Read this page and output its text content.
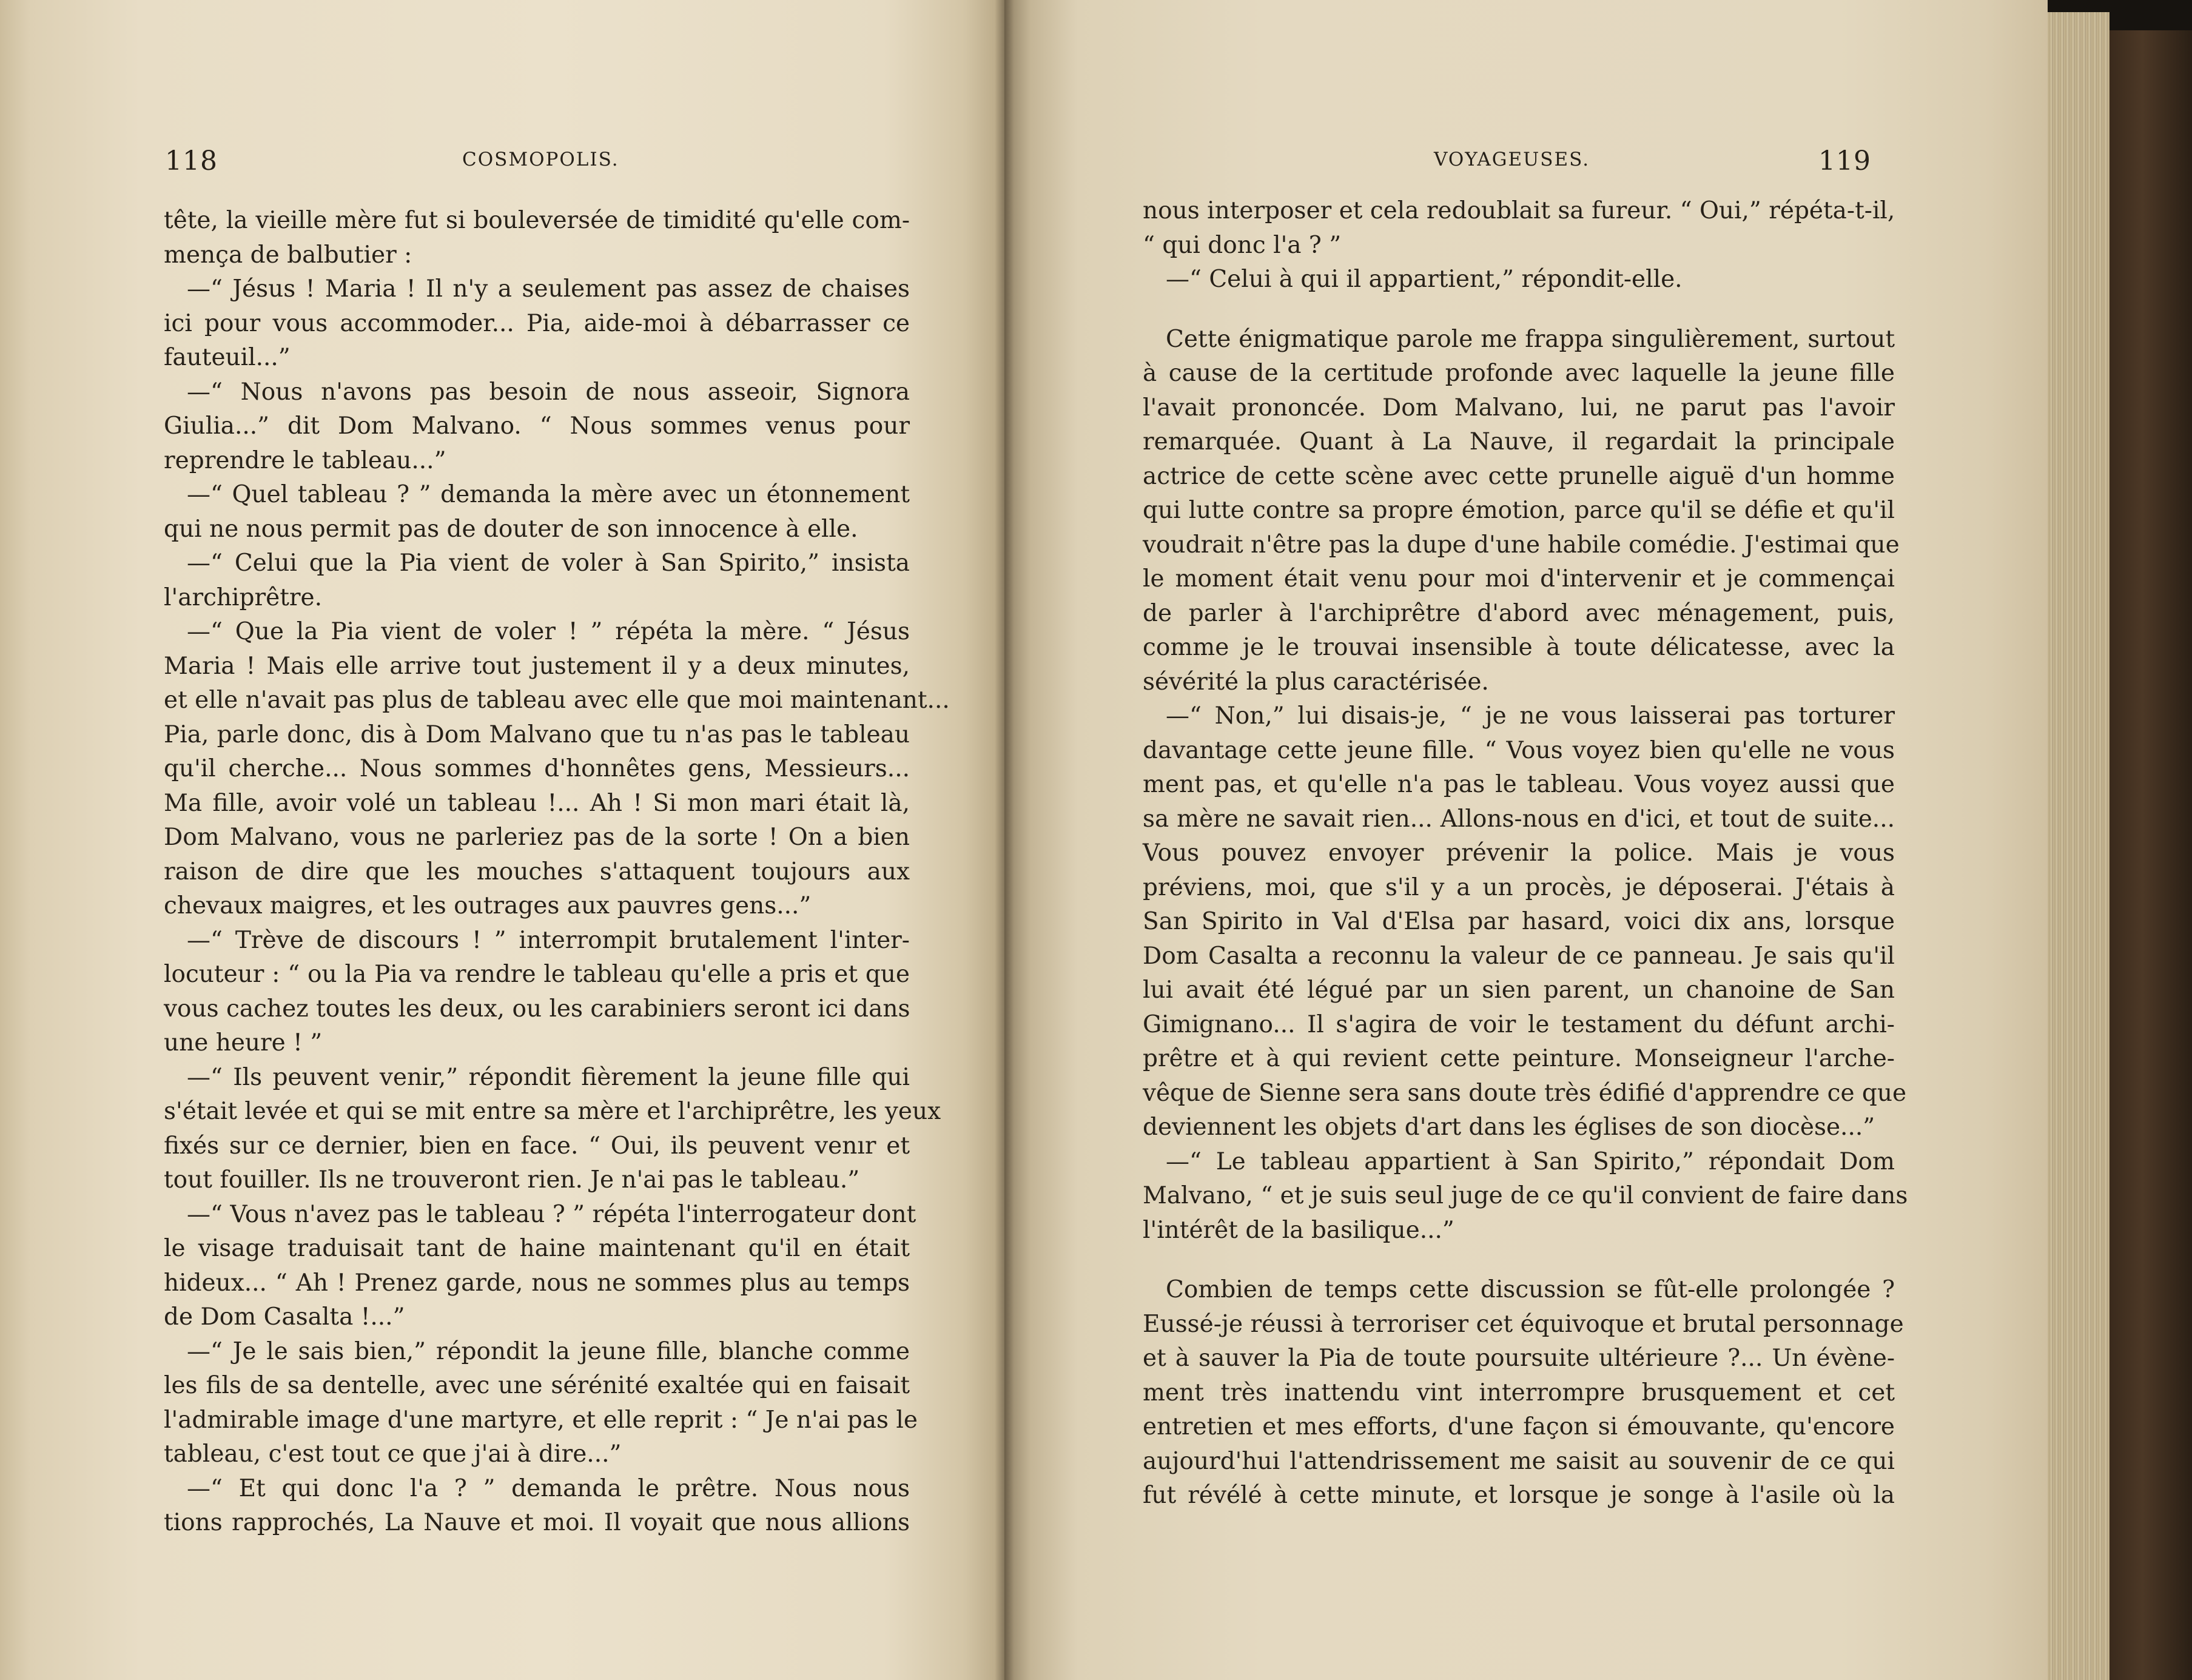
118	COSMOPOLIS.
tête, la vieille mère fut si bouleversée de timidité qu'elle com-
mença de balbutier :
—“ Jésus ! Maria ! Il n'y a seulement pas assez de chaises
ici pour vous accommoder... Pia, aide-moi à débarrasser ce
fauteuil...”
—“ Nous n'avons pas besoin de nous asseoir, Signora
Giulia...” dit Dom Malvano. “ Nous sommes venus pour
reprendre le tableau...”
—“ Quel tableau ? ” demanda la mère avec un étonnement
qui ne nous permit pas de douter de son innocence à elle.
—“ Celui que la Pia vient de voler à San Spirito,” insista
l'archiprêtre.
—“ Que la Pia vient de voler ! ” répéta la mère. “ Jésus
Maria ! Mais elle arrive tout justement il y a deux minutes,
et elle n'avait pas plus de tableau avec elle que moi maintenant...
Pia, parle donc, dis à Dom Malvano que tu n'as pas le tableau
qu'il cherche... Nous sommes d'honnêtes gens, Messieurs...
Ma fille, avoir volé un tableau !... Ah ! Si mon mari était là,
Dom Malvano, vous ne parleriez pas de la sorte ! On a bien
raison de dire que les mouches s'attaquent toujours aux
chevaux maigres, et les outrages aux pauvres gens...”
—“ Trève de discours ! ” interrompit brutalement l'inter-
locuteur : “ ou la Pia va rendre le tableau qu'elle a pris et que
vous cachez toutes les deux, ou les carabiniers seront ici dans
une heure ! ”
—“ Ils peuvent venir,” répondit fièrement la jeune fille qui
s'était levée et qui se mit entre sa mère et l'archiprêtre, les yeux
fixés sur ce dernier, bien en face. “ Oui, ils peuvent venır et
tout fouiller. Ils ne trouveront rien. Je n'ai pas le tableau.”
—“ Vous n'avez pas le tableau ? ” répéta l'interrogateur dont
le visage traduisait tant de haine maintenant qu'il en était
hideux... “ Ah ! Prenez garde, nous ne sommes plus au temps
de Dom Casalta !...”
—“ Je le sais bien,” répondit la jeune fille, blanche comme
les fils de sa dentelle, avec une sérénité exaltée qui en faisait
l'admirable image d'une martyre, et elle reprit : “ Je n'ai pas le
tableau, c'est tout ce que j'ai à dire...”
—“ Et qui donc l'a ? ” demanda le prêtre. Nous nous
tions rapprochés, La Nauve et moi. Il voyait que nous allions
VOYAGEUSES.	119
nous interposer et cela redoublait sa fureur. “ Oui,” répéta-t-il,
“ qui donc l'a ? ”
—“ Celui à qui il appartient,” répondit-elle.
Cette énigmatique parole me frappa singulièrement, surtout
à cause de la certitude profonde avec laquelle la jeune fille
l'avait prononcée. Dom Malvano, lui, ne parut pas l'avoir
remarquée. Quant à La Nauve, il regardait la principale
actrice de cette scène avec cette prunelle aiguë d'un homme
qui lutte contre sa propre émotion, parce qu'il se défie et qu'il
voudrait n'être pas la dupe d'une habile comédie. J'estimai que
le moment était venu pour moi d'intervenir et je commençai
de parler à l'archiprêtre d'abord avec ménagement, puis,
comme je le trouvai insensible à toute délicatesse, avec la
sévérité la plus caractérisée.
—“ Non,” lui disais-je, “ je ne vous laisserai pas torturer
davantage cette jeune fille. “ Vous voyez bien qu'elle ne vous
ment pas, et qu'elle n'a pas le tableau. Vous voyez aussi que
sa mère ne savait rien... Allons-nous en d'ici, et tout de suite...
Vous pouvez envoyer prévenir la police. Mais je vous
préviens, moi, que s'il y a un procès, je déposerai. J'étais à
San Spirito in Val d'Elsa par hasard, voici dix ans, lorsque
Dom Casalta a reconnu la valeur de ce panneau. Je sais qu'il
lui avait été légué par un sien parent, un chanoine de San
Gimignano... Il s'agira de voir le testament du défunt archi-
prêtre et à qui revient cette peinture. Monseigneur l'arche-
vêque de Sienne sera sans doute très édifié d'apprendre ce que
deviennent les objets d'art dans les églises de son diocèse...”
—“ Le tableau appartient à San Spirito,” répondait Dom
Malvano, “ et je suis seul juge de ce qu'il convient de faire dans
l'intérêt de la basilique...”
Combien de temps cette discussion se fût-elle prolongée ?
Eussé-je réussi à terroriser cet équivoque et brutal personnage
et à sauver la Pia de toute poursuite ultérieure ?... Un évène-
ment très inattendu vint interrompre brusquement et cet
entretien et mes efforts, d'une façon si émouvante, qu'encore
aujourd'hui l'attendrissement me saisit au souvenir de ce qui
fut révélé à cette minute, et lorsque je songe à l'asile où la
